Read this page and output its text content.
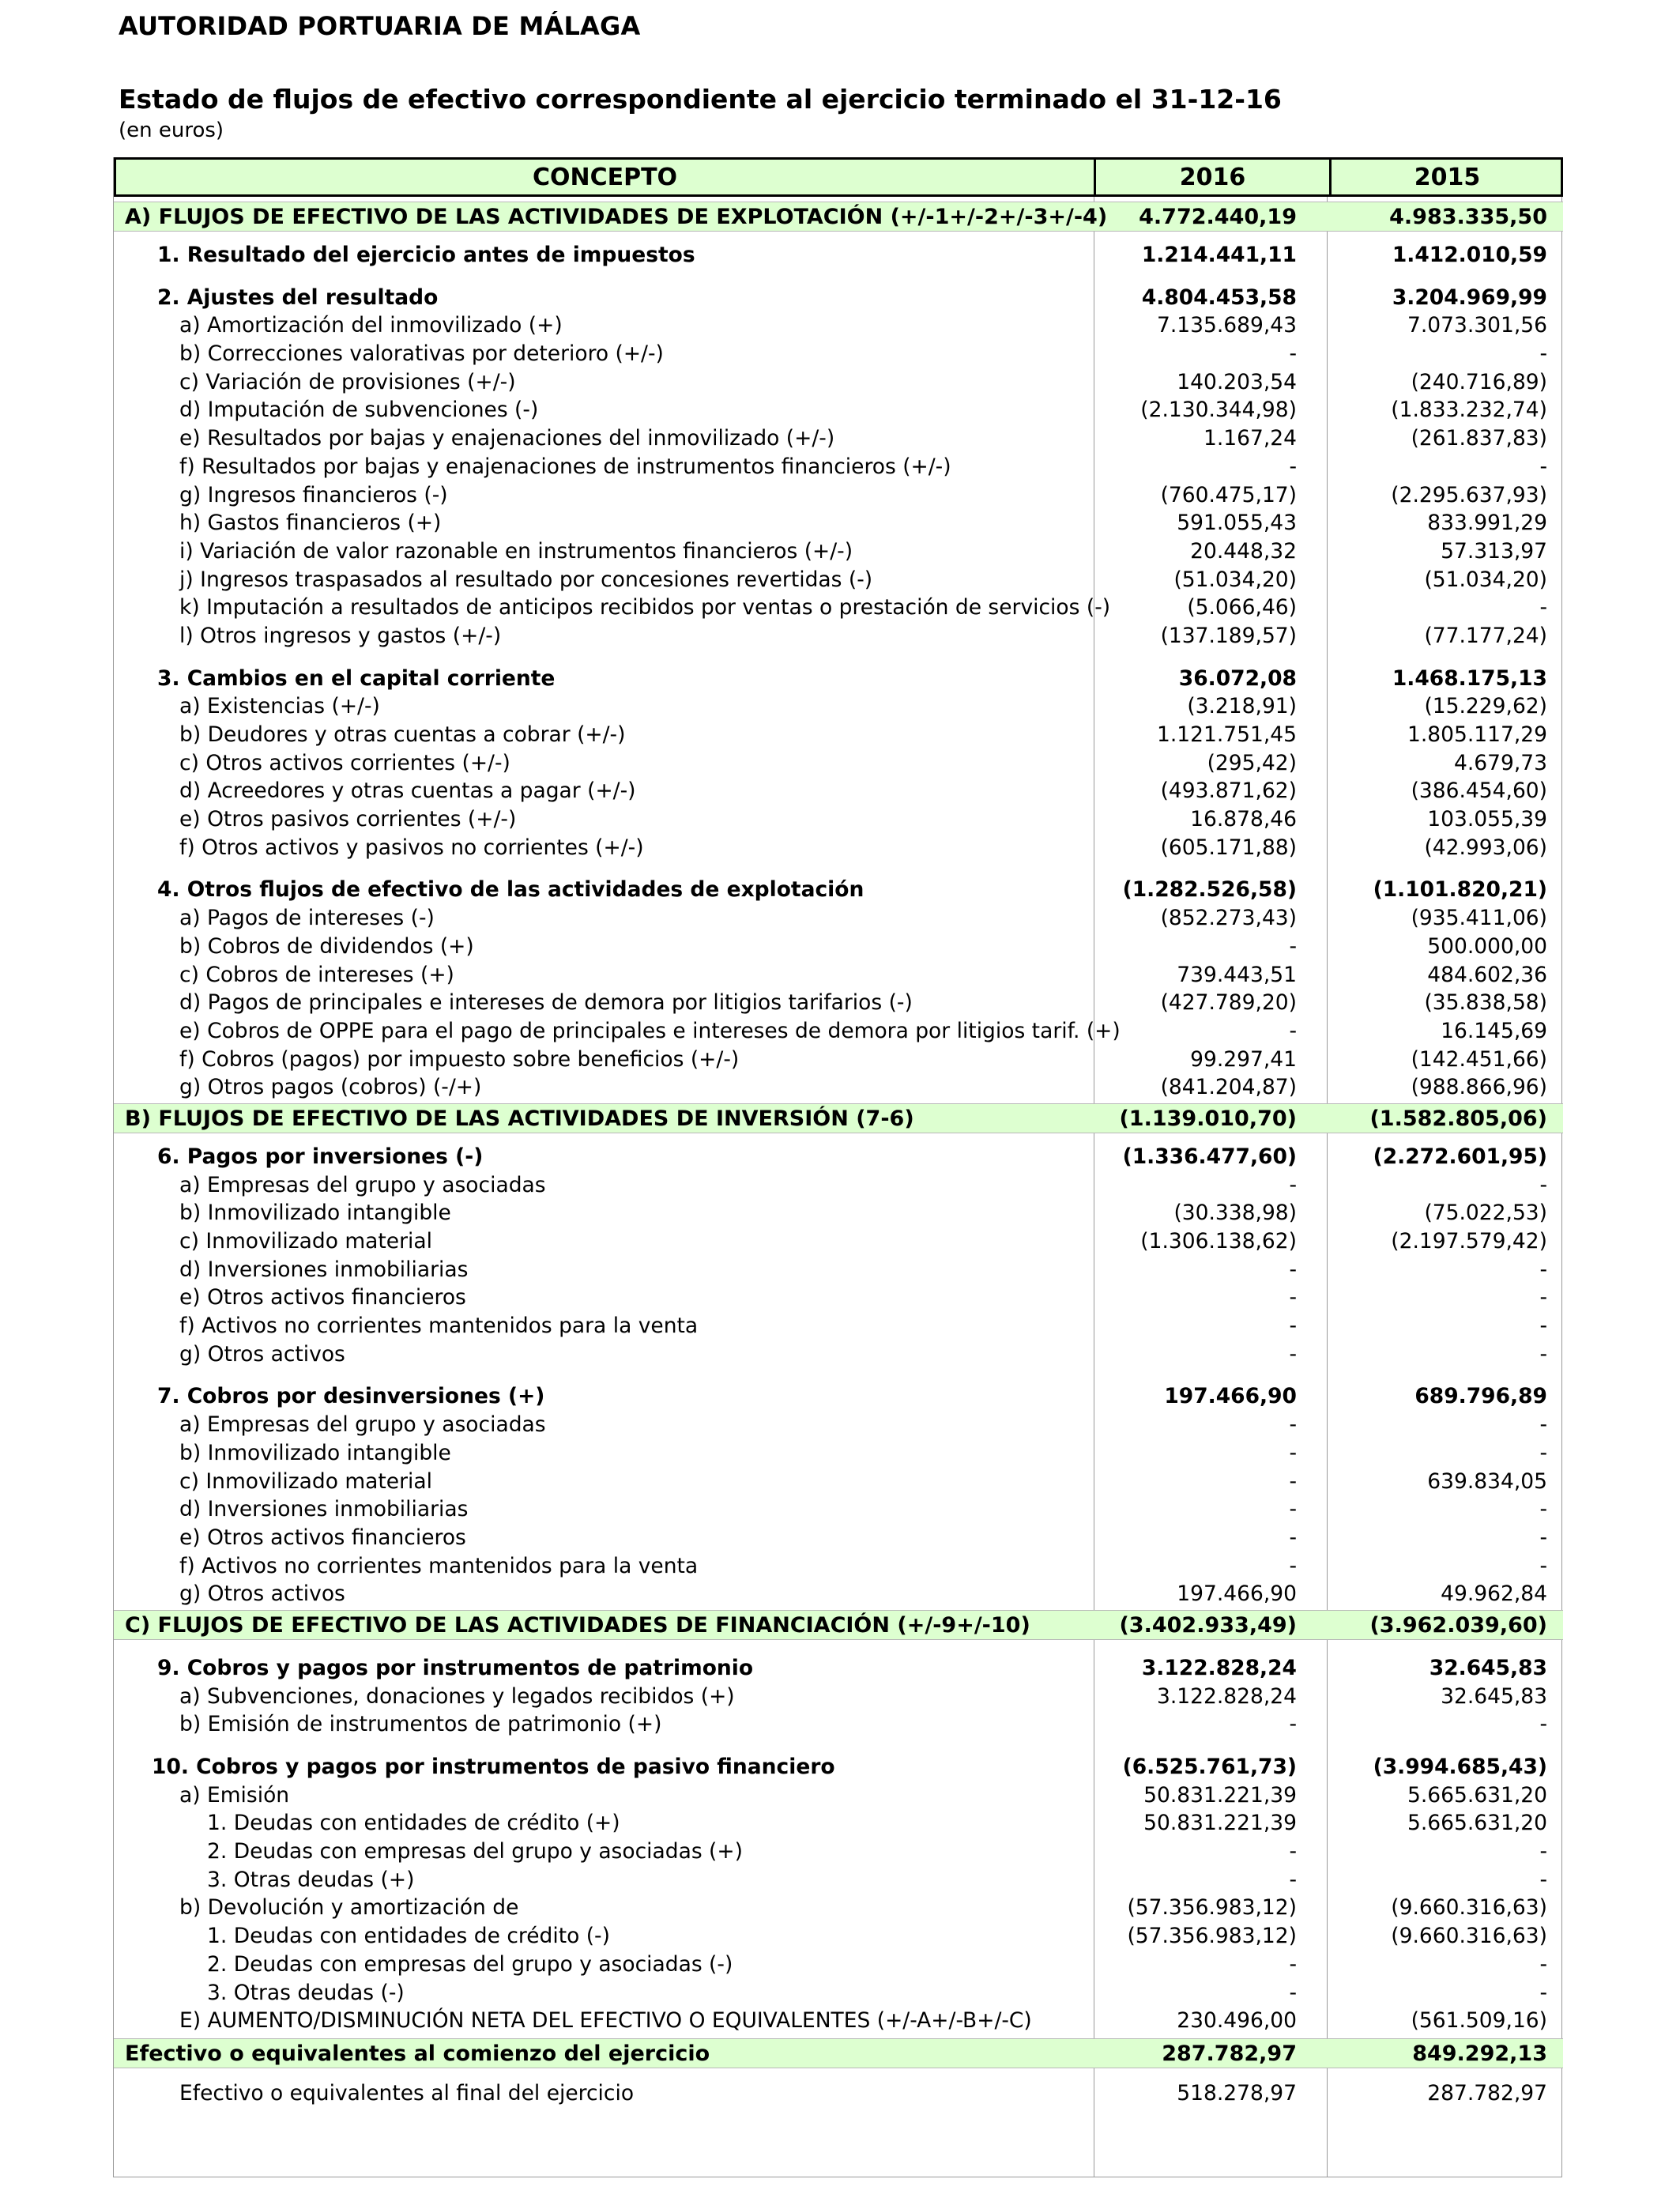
AUTORIDAD PORTUARIA DE MÁLAGA
Estado de flujos de efectivo correspondiente al ejercicio terminado el 31-12-16
(en euros)
CONCEPTO	2016	2015
A) FLUJOS DE EFECTIVO DE LAS ACTIVIDADES DE EXPLOTACIÓN (+/-1+/-2+/-3+/-4) 4.772.440,19	4.983.335,50
1. Resultado del ejercicio antes de impuestos	1.214.441,11	1.412.010,59
2. Ajustes del resultado	4.804.453,58	3.204.969,99
a) Amortización del inmovilizado (+)	7.135.689,43	7.073.301,56
b) Correcciones valorativas por deterioro (+/-)	-	-
c) Variación de provisiones (+/-)	140.203,54	(240.716,89)
d) Imputación de subvenciones (-)	(2.130.344,98)	(1.833.232,74)
e) Resultados por bajas y enajenaciones del inmovilizado (+/-)	1.167,24	(261.837,83)
f) Resultados por bajas y enajenaciones de instrumentos financieros (+/-)	-	-
g) Ingresos financieros (-)	(760.475,17)	(2.295.637,93)
h) Gastos financieros (+)	591.055,43	833.991,29
i) Variación de valor razonable en instrumentos financieros (+/-)	20.448,32	57.313,97
j) Ingresos traspasados al resultado por concesiones revertidas (-)	(51.034,20)	(51.034,20)
k) Imputación a resultados de anticipos recibidos por ventas o prestación de servicios (-)	(5.066,46)	-
l) Otros ingresos y gastos (+/-)	(137.189,57)	(77.177,24)
3. Cambios en el capital corriente	36.072,08	1.468.175,13
a) Existencias (+/-)	(3.218,91)	(15.229,62)
b) Deudores y otras cuentas a cobrar (+/-)	1.121.751,45	1.805.117,29
c) Otros activos corrientes (+/-)	(295,42)	4.679,73
d) Acreedores y otras cuentas a pagar (+/-)	(493.871,62)	(386.454,60)
e) Otros pasivos corrientes (+/-)	16.878,46	103.055,39
f) Otros activos y pasivos no corrientes (+/-)	(605.171,88)	(42.993,06)
4. Otros flujos de efectivo de las actividades de explotación	(1.282.526,58)	(1.101.820,21)
a) Pagos de intereses (-)	(852.273,43)	(935.411,06)
b) Cobros de dividendos (+)	-	500.000,00
c) Cobros de intereses (+)	739.443,51	484.602,36
d) Pagos de principales e intereses de demora por litigios tarifarios (-)	(427.789,20)	(35.838,58)
e) Cobros de OPPE para el pago de principales e intereses de demora por litigios tarif. (+)	-	16.145,69
f) Cobros (pagos) por impuesto sobre beneficios (+/-)	99.297,41	(142.451,66)
g) Otros pagos (cobros) (-/+)	(841.204,87)	(988.866,96)
B) FLUJOS DE EFECTIVO DE LAS ACTIVIDADES DE INVERSIÓN (7-6)	(1.139.010,70)	(1.582.805,06)
6. Pagos por inversiones (-)	(1.336.477,60)	(2.272.601,95)
a) Empresas del grupo y asociadas	-	-
b) Inmovilizado intangible	(30.338,98)	(75.022,53)
c) Inmovilizado material	(1.306.138,62)	(2.197.579,42)
d) Inversiones inmobiliarias	-	-
e) Otros activos financieros	-	-
f) Activos no corrientes mantenidos para la venta	-	-
g) Otros activos	-	-
7. Cobros por desinversiones (+)	197.466,90	689.796,89
a) Empresas del grupo y asociadas	-	-
b) Inmovilizado intangible	-	-
c) Inmovilizado material	-	639.834,05
d) Inversiones inmobiliarias	-	-
e) Otros activos financieros	-	-
f) Activos no corrientes mantenidos para la venta	-	-
g) Otros activos	197.466,90	49.962,84
C) FLUJOS DE EFECTIVO DE LAS ACTIVIDADES DE FINANCIACIÓN (+/-9+/-10)	(3.402.933,49)	(3.962.039,60)
9. Cobros y pagos por instrumentos de patrimonio	3.122.828,24	32.645,83
a) Subvenciones, donaciones y legados recibidos (+)	3.122.828,24	32.645,83
b) Emisión de instrumentos de patrimonio (+)	-	-
10. Cobros y pagos por instrumentos de pasivo financiero	(6.525.761,73)	(3.994.685,43)
a) Emisión	50.831.221,39	5.665.631,20
1. Deudas con entidades de crédito (+)	50.831.221,39	5.665.631,20
2. Deudas con empresas del grupo y asociadas (+)	-	-
3. Otras deudas (+)	-	-
b) Devolución y amortización de	(57.356.983,12)	(9.660.316,63)
1. Deudas con entidades de crédito (-)	(57.356.983,12)	(9.660.316,63)
2. Deudas con empresas del grupo y asociadas (-)	-	-
3. Otras deudas (-)	-	-
E) AUMENTO/DISMINUCIÓN NETA DEL EFECTIVO O EQUIVALENTES (+/-A+/-B+/-C)	230.496,00	(561.509,16)
Efectivo o equivalentes al comienzo del ejercicio	287.782,97	849.292,13
Efectivo o equivalentes al final del ejercicio	518.278,97	287.782,97
